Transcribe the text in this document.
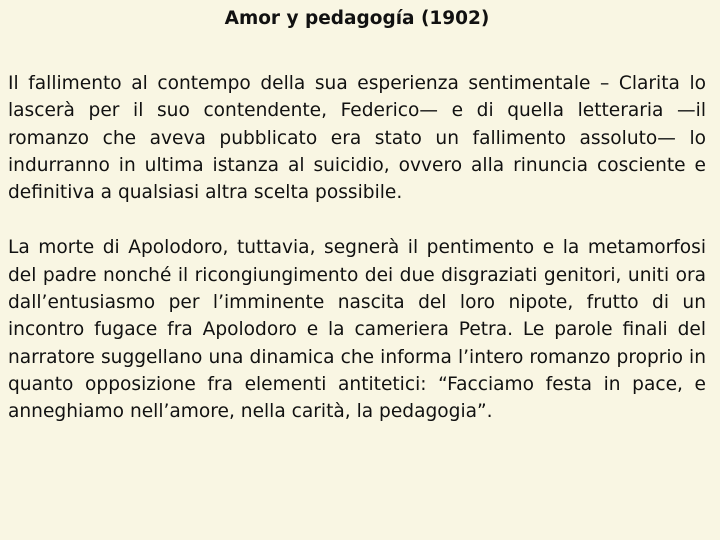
Amor y pedagogía (1902)

Il fallimento al contempo della sua esperienza sentimentale – Clarita lo lascerà per il suo contendente, Federico— e di quella letteraria —il romanzo che aveva pubblicato era stato un fallimento assoluto— lo indurranno in ultima istanza al suicidio, ovvero alla rinuncia cosciente e definitiva a qualsiasi altra scelta possibile.

La morte di Apolodoro, tuttavia, segnerà il pentimento e la metamorfosi del padre nonché il ricongiungimento dei due disgraziati genitori, uniti ora dall’entusiasmo per l’imminente nascita del loro nipote, frutto di un incontro fugace fra Apolodoro e la cameriera Petra. Le parole finali del narratore suggellano una dinamica che informa l’intero romanzo proprio in quanto opposizione fra elementi antitetici: “Facciamo festa in pace, e anneghiamo nell’amore, nella carità, la pedagogia”.
